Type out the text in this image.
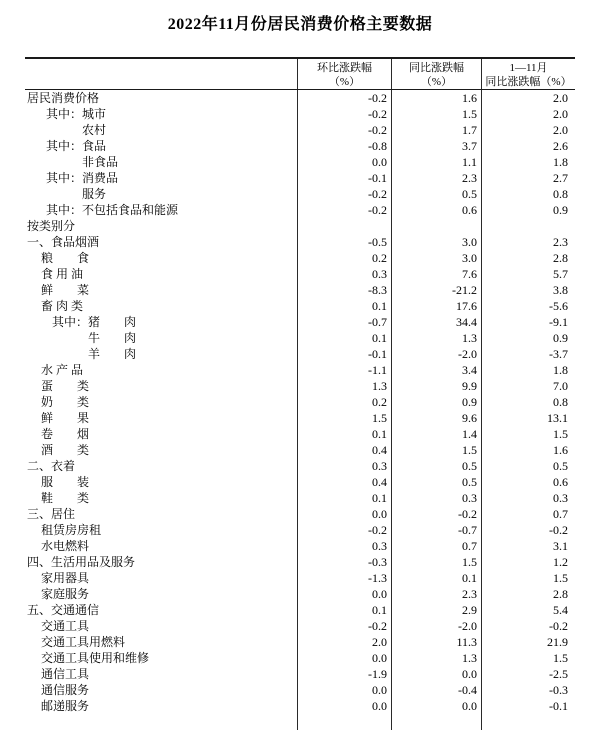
2022年11月份居民消费价格主要数据
环比涨跌幅
（%）
同比涨跌幅
（%）
1—11月
同比涨跌幅（%）
居民消费价格	-0.2	1.6	2.0
其中：城市	-0.2	1.5	2.0
农村	-0.2	1.7	2.0
其中：食品	-0.8	3.7	2.6
非食品	0.0	1.1	1.8
其中：消费品	-0.1	2.3	2.7
服务	-0.2	0.5	0.8
其中：不包括食品和能源	-0.2	0.6	0.9
按类别分
一、食品烟酒	-0.5	3.0	2.3
粮　　食	0.2	3.0	2.8
食 用 油	0.3	7.6	5.7
鲜　　菜	-8.3	-21.2	3.8
畜 肉 类	0.1	17.6	-5.6
其中：猪　　肉	-0.7	34.4	-9.1
牛　　肉	0.1	1.3	0.9
羊　　肉	-0.1	-2.0	-3.7
水 产 品	-1.1	3.4	1.8
蛋　　类	1.3	9.9	7.0
奶　　类	0.2	0.9	0.8
鲜　　果	1.5	9.6	13.1
卷　　烟	0.1	1.4	1.5
酒　　类	0.4	1.5	1.6
二、衣着	0.3	0.5	0.5
服　　装	0.4	0.5	0.6
鞋　　类	0.1	0.3	0.3
三、居住	0.0	-0.2	0.7
租赁房房租	-0.2	-0.7	-0.2
水电燃料	0.3	0.7	3.1
四、生活用品及服务	-0.3	1.5	1.2
家用器具	-1.3	0.1	1.5
家庭服务	0.0	2.3	2.8
五、交通通信	0.1	2.9	5.4
交通工具	-0.2	-2.0	-0.2
交通工具用燃料	2.0	11.3	21.9
交通工具使用和维修	0.0	1.3	1.5
通信工具	-1.9	0.0	-2.5
通信服务	0.0	-0.4	-0.3
邮递服务	0.0	0.0	-0.1
